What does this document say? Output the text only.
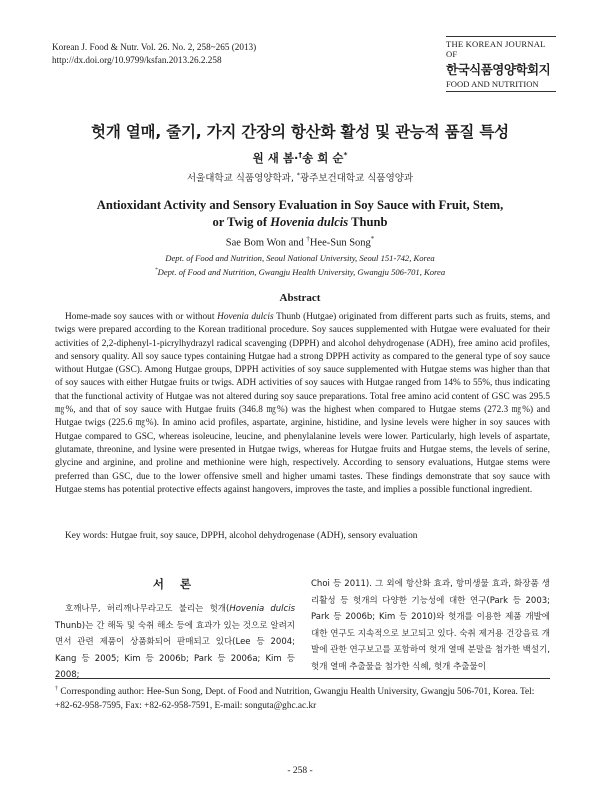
Korean J. Food & Nutr. Vol. 26. No. 2, 258~265 (2013)
http://dx.doi.org/10.9799/ksfan.2013.26.2.258
THE KOREAN JOURNAL OF
한국식품영양학회지
FOOD AND NUTRITION
헛개 열매, 줄기, 가지 간장의 항산화 활성 및 관능적 품질 특성
원 새 봄·†송 희 순*
서울대학교 식품영양학과, *광주보건대학교 식품영양과
Antioxidant Activity and Sensory Evaluation in Soy Sauce with Fruit, Stem,
or Twig of Hovenia dulcis Thunb
Sae Bom Won and †Hee-Sun Song*
Dept. of Food and Nutrition, Seoul National University, Seoul 151-742, Korea
*Dept. of Food and Nutrition, Gwangju Health University, Gwangju 506-701, Korea
Abstract
Home-made soy sauces with or without Hovenia dulcis Thunb (Hutgae) originated from different parts such as fruits, stems, and twigs were prepared according to the Korean traditional procedure. Soy sauces supplemented with Hutgae were evaluated for their activities of 2,2-diphenyl-1-picrylhydrazyl radical scavenging (DPPH) and alcohol dehydrogenase (ADH), free amino acid profiles, and sensory quality. All soy sauce types containing Hutgae had a strong DPPH activity as compared to the general type of soy sauce without Hutgae (GSC). Among Hutgae groups, DPPH activities of soy sauce supplemented with Hutgae stems was higher than that of soy sauces with either Hutgae fruits or twigs. ADH activities of soy sauces with Hutgae ranged from 14% to 55%, thus indicating that the functional activity of Hutgae was not altered during soy sauce preparations. Total free amino acid content of GSC was 295.5 ㎎%, and that of soy sauce with Hutgae fruits (346.8 ㎎%) was the highest when compared to Hutgae stems (272.3 ㎎%) and Hutgae twigs (225.6 ㎎%). In amino acid profiles, aspartate, arginine, histidine, and lysine levels were higher in soy sauces with Hutgae compared to GSC, whereas isoleucine, leucine, and phenylalanine levels were lower. Particularly, high levels of aspartate, glutamate, threonine, and lysine were presented in Hutgae twigs, whereas for Hutgae fruits and Hutgae stems, the levels of serine, glycine and arginine, and proline and methionine were high, respectively. According to sensory evaluations, Hutgae stems were preferred than GSC, due to the lower offensive smell and higher umami tastes. These findings demonstrate that soy sauce with Hutgae stems has potential protective effects against hangovers, improves the taste, and implies a possible functional ingredient.
Key words: Hutgae fruit, soy sauce, DPPH, alcohol dehydrogenase (ADH), sensory evaluation
서 론
호깨나무, 허리깨나무라고도 불리는 헛개(Hovenia dulcis Thunb)는 간 해독 및 숙취 해소 등에 효과가 있는 것으로 알려지면서 관련 제품이 상품화되어 판매되고 있다(Lee 등 2004; Kang 등 2005; Kim 등 2006b; Park 등 2006a; Kim 등 2008;
Choi 등 2011). 그 외에 항산화 효과, 항미생물 효과, 화장품 생리활성 등 헛개의 다양한 기능성에 대한 연구(Park 등 2003; Park 등 2006b; Kim 등 2010)와 헛개를 이용한 제품 개발에 대한 연구도 지속적으로 보고되고 있다. 숙취 제거용 건강음료 개발에 관한 연구보고를 포함하여 헛개 열매 분말을 첨가한 백설기, 헛개 열매 추출물을 첨가한 식혜, 헛개 추출물이
† Corresponding author: Hee-Sun Song, Dept. of Food and Nutrition, Gwangju Health University, Gwangju 506-701, Korea. Tel: +82-62-958-7595, Fax: +82-62-958-7591, E-mail: songuta@ghc.ac.kr
- 258 -
